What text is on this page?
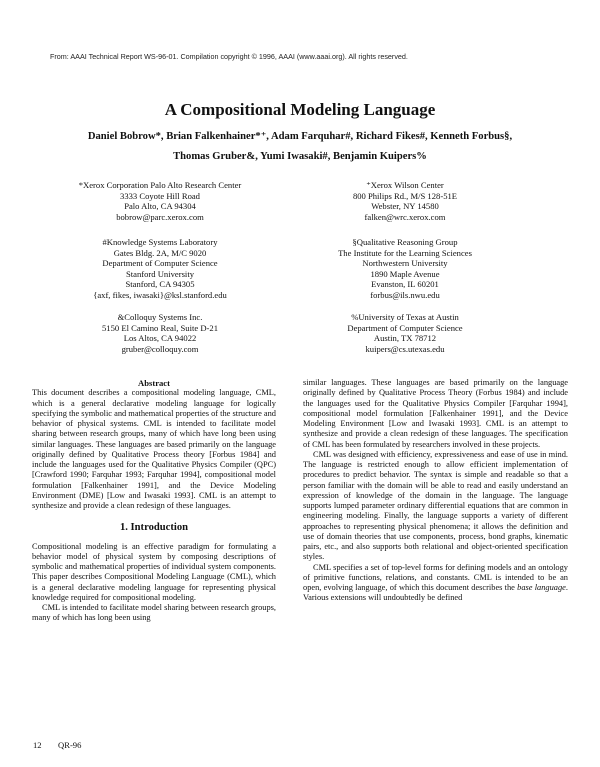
From: AAAI Technical Report WS-96-01. Compilation copyright © 1996, AAAI (www.aaai.org). All rights reserved.
A Compositional Modeling Language
Daniel Bobrow*, Brian Falkenhainer*⁺, Adam Farquhar#, Richard Fikes#, Kenneth Forbus§,
Thomas Gruber&, Yumi Iwasaki#, Benjamin Kuipers%
*Xerox Corporation Palo Alto Research Center
3333 Coyote Hill Road
Palo Alto, CA 94304
bobrow@parc.xerox.com
⁺Xerox Wilson Center
800 Philips Rd., M/S 128-51E
Webster, NY 14580
falken@wrc.xerox.com
#Knowledge Systems Laboratory
Gates Bldg. 2A, M/C 9020
Department of Computer Science
Stanford University
Stanford, CA 94305
{axf, fikes, iwasaki}@ksl.stanford.edu
§Qualitative Reasoning Group
The Institute for the Learning Sciences
Northwestern University
1890 Maple Avenue
Evanston, IL 60201
forbus@ils.nwu.edu
&Colloquy Systems Inc.
5150 El Camino Real, Suite D-21
Los Altos, CA 94022
gruber@colloquy.com
%University of Texas at Austin
Department of Computer Science
Austin, TX 78712
kuipers@cs.utexas.edu
Abstract

This document describes a compositional modeling language, CML, which is a general declarative modeling language for logically specifying the symbolic and mathematical properties of the structure and behavior of physical systems. CML is intended to facilitate model sharing between research groups, many of which have long been using similar languages. These languages are based primarily on the language originally defined by Qualitative Process theory [Forbus 1984] and include the languages used for the Qualitative Physics Compiler (QPC) [Crawford 1990; Farquhar 1993; Farquhar 1994], compositional model formulation [Falkenhainer 1991], and the Device Modeling Environment (DME) [Low and Iwasaki 1993]. CML is an attempt to synthesize and provide a clean redesign of these languages.

1. Introduction

Compositional modeling is an effective paradigm for formulating a behavior model of physical system by composing descriptions of symbolic and mathematical properties of individual system components. This paper describes Compositional Modeling Language (CML), which is a general declarative modeling language for representing physical knowledge required for compositional modeling.

CML is intended to facilitate model sharing between research groups, many of which has long been using

similar languages. These languages are based primarily on the language originally defined by Qualitative Process Theory (Forbus 1984) and include the languages used for the Qualitative Physics Compiler [Farquhar 1994], compositional model formulation [Falkenhainer 1991], and the Device Modeling Environment [Low and Iwasaki 1993]. CML is an attempt to synthesize and provide a clean redesign of these languages. The specification of CML has been formulated by researchers involved in these projects.

CML was designed with efficiency, expressiveness and ease of use in mind. The language is restricted enough to allow efficient implementation of procedures to predict behavior. The syntax is simple and readable so that a person familiar with the domain will be able to read and easily understand an expression of knowledge of the domain in the language. The language supports lumped parameter ordinary differential equations that are common in engineering modeling. Finally, the language supports a variety of different approaches to representing physical phenomena; it allows the definition and use of domain theories that use components, process, bond graphs, kinematic pairs, etc., and also supports both relational and object-oriented specification styles.

CML specifies a set of top-level forms for defining models and an ontology of primitive functions, relations, and constants. CML is intended to be an open, evolving language, of which this document describes the base language. Various extensions will undoubtedly be defined

12 QR-96
